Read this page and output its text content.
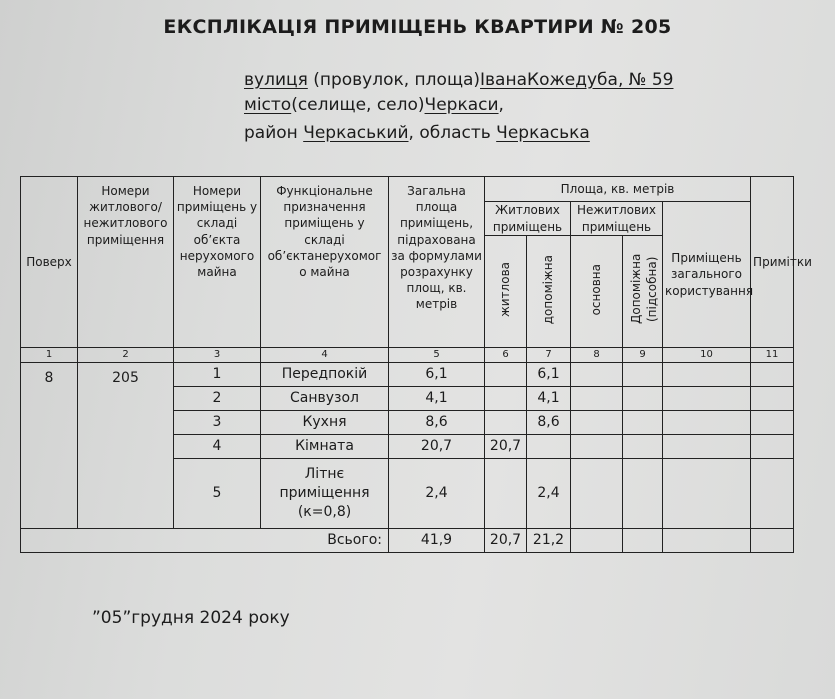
ЕКСПЛІКАЦІЯ ПРИМІЩЕНЬ КВАРТИРИ № 205
вулиця (провулок, площа)ІванаКожедуба, № 59
місто(селище, село)Черкаси,
район Черкаський, область Черкаська
Поверх	Номери житлового/ нежитлового приміщення	Номери приміщень у складі об’єкта нерухомого майна	Функціональне призначення приміщень у складі об’єктанерухомог о майна	Загальна площа приміщень, підрахована за формулами розрахунку площ, кв. метрів	Площа, кв. метрів					Примітки
					Житлових приміщень		Нежитлових приміщень		Приміщень загального користування	
					житлова	допоміжна	основна	Допоміжна (підсобна)		
1	2	3	4	5	6	7	8	9	10	11
8	205	1	Передпокій	6,1		6,1				
		2	Санвузол	4,1		4,1				
		3	Кухня	8,6		8,6				
		4	Кімната	20,7	20,7					
		5	Літнє
приміщення
(к=0,8)	2,4		2,4				
Всього:				41,9	20,7	21,2				
”05”грудня 2024 року
